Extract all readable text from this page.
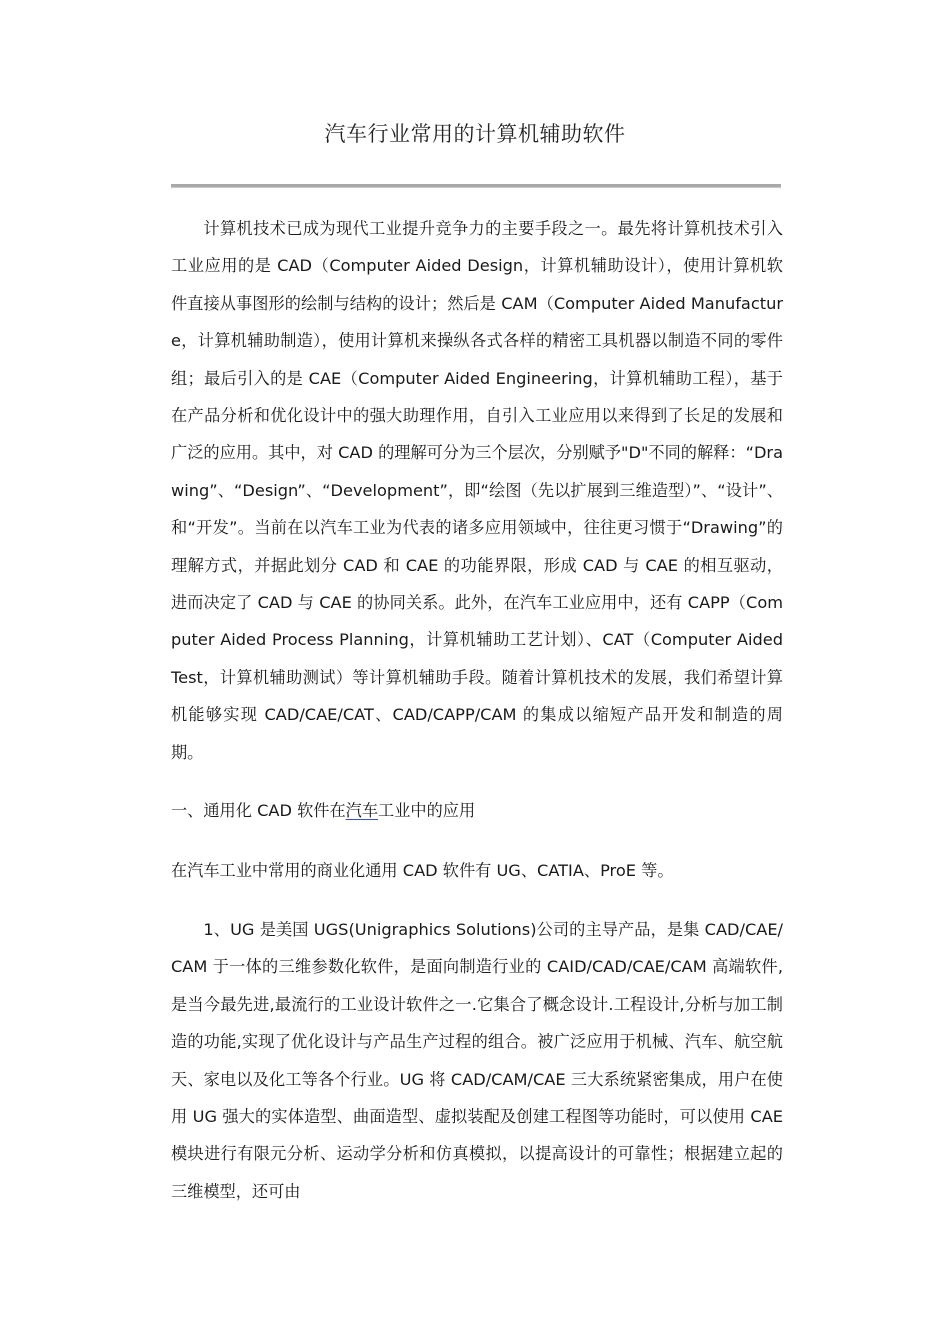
汽车行业常用的计算机辅助软件

计算机技术已成为现代工业提升竞争力的主要手段之一。最先将计算机技术引入工业应用的是 CAD（Computer Aided Design，计算机辅助设计），使用计算机软件直接从事图形的绘制与结构的设计；然后是 CAM（Computer Aided Manufacture，计算机辅助制造），使用计算机来操纵各式各样的精密工具机器以制造不同的零件组；最后引入的是 CAE（Computer Aided Engineering，计算机辅助工程），基于在产品分析和优化设计中的强大助理作用，自引入工业应用以来得到了长足的发展和广泛的应用。其中，对 CAD 的理解可分为三个层次，分别赋予"D"不同的解释：“Drawing”、“Design”、“Development”，即“绘图（先以扩展到三维造型）”、“设计”、和“开发”。当前在以汽车工业为代表的诸多应用领域中，往往更习惯于“Drawing”的理解方式，并据此划分 CAD 和 CAE 的功能界限，形成 CAD 与 CAE 的相互驱动，进而决定了 CAD 与 CAE 的协同关系。此外，在汽车工业应用中，还有 CAPP（Computer Aided Process Planning，计算机辅助工艺计划）、CAT（Computer Aided Test，计算机辅助测试）等计算机辅助手段。随着计算机技术的发展，我们希望计算机能够实现 CAD/CAE/CAT、CAD/CAPP/CAM 的集成以缩短产品开发和制造的周期。

一、通用化 CAD 软件在汽车工业中的应用

在汽车工业中常用的商业化通用 CAD 软件有 UG、CATIA、ProE 等。

1、UG 是美国 UGS(Unigraphics Solutions)公司的主导产品，是集 CAD/CAE/CAM 于一体的三维参数化软件，是面向制造行业的 CAID/CAD/CAE/CAM 高端软件,是当今最先进,最流行的工业设计软件之一.它集合了概念设计.工程设计,分析与加工制造的功能,实现了优化设计与产品生产过程的组合。被广泛应用于机械、汽车、航空航天、家电以及化工等各个行业。UG 将 CAD/CAM/CAE 三大系统紧密集成，用户在使用 UG 强大的实体造型、曲面造型、虚拟装配及创建工程图等功能时，可以使用 CAE 模块进行有限元分析、运动学分析和仿真模拟，以提高设计的可靠性；根据建立起的三维模型，还可由
